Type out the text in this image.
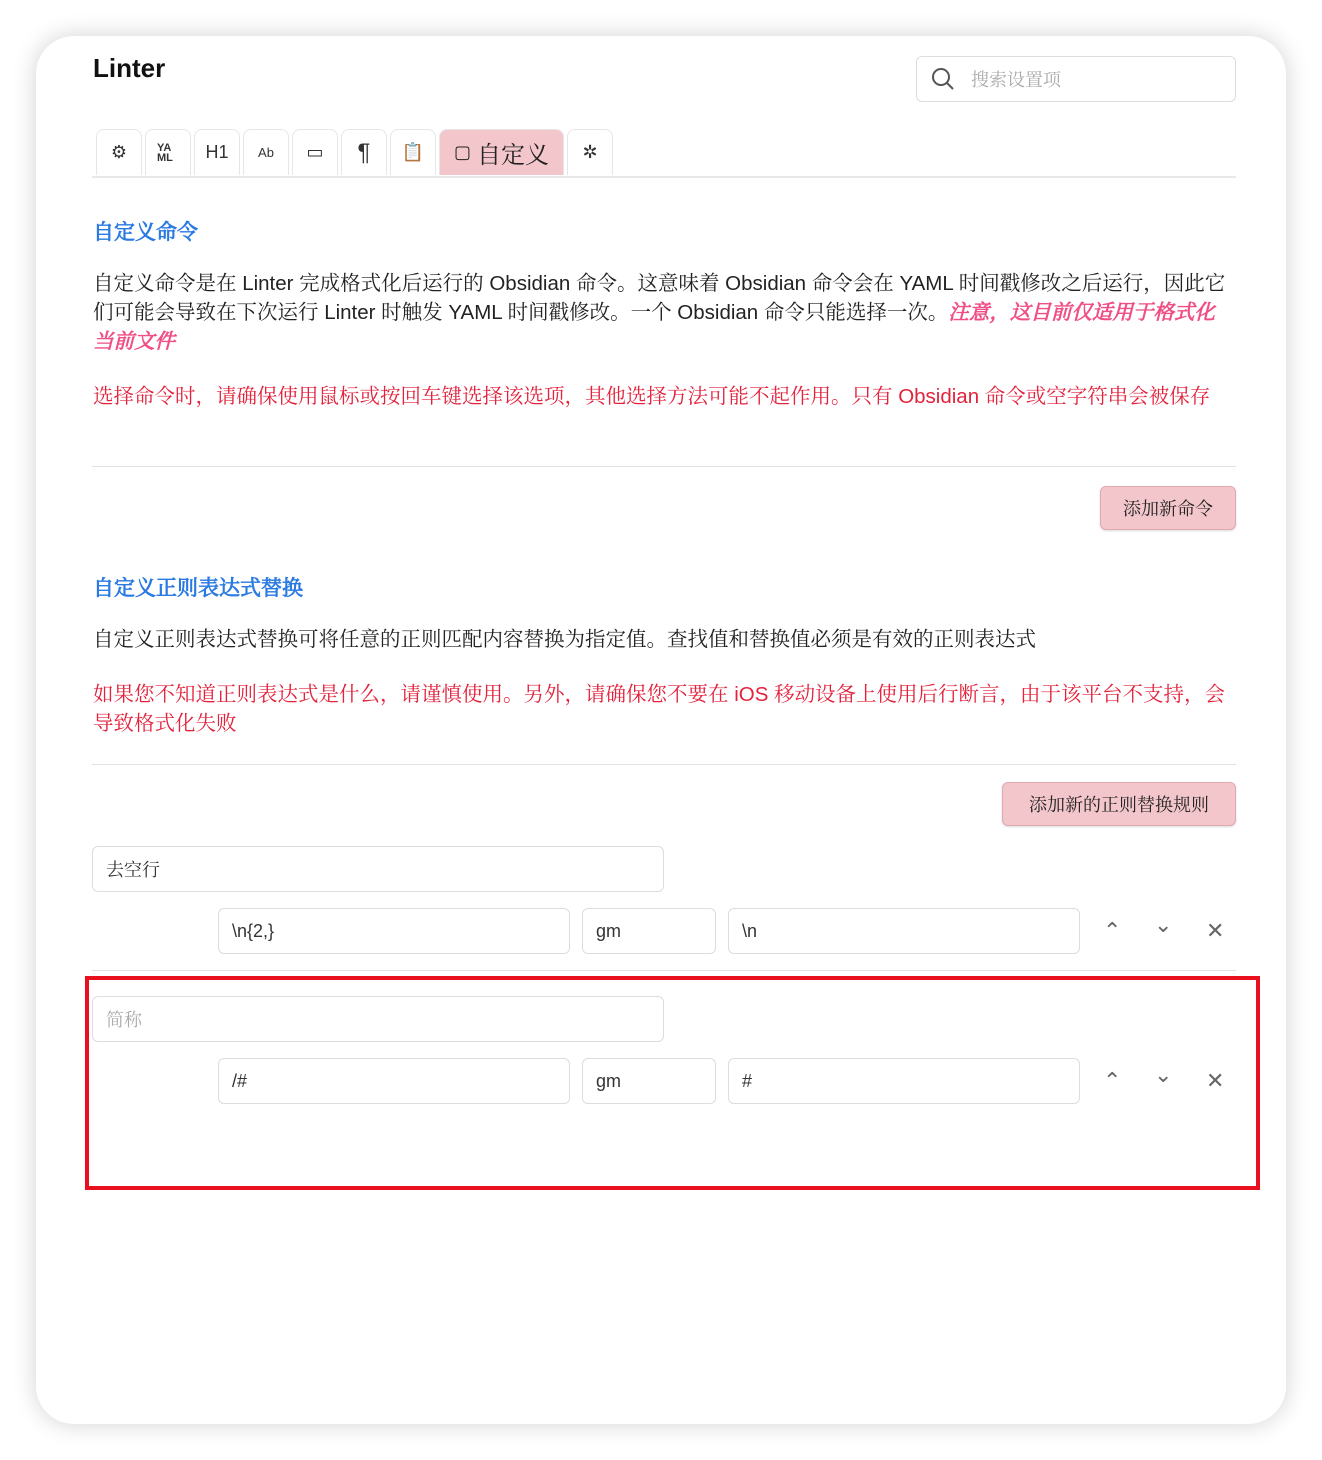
Linter	搜索设置项
⚙	YA
ML	H1	Ab	▭	¶	📋 ▢ 自定义 ✲
自定义命令
自定义命令是在 Linter 完成格式化后运行的 Obsidian 命令。这意味着 Obsidian 命令会在 YAML 时间戳修改之后运行，因此它们可能会导致在下次运行 Linter 时触发 YAML 时间戳修改。一个 Obsidian 命令只能选择一次。注意，这目前仅适用于格式化当前文件
选择命令时，请确保使用鼠标或按回车键选择该选项，其他选择方法可能不起作用。只有 Obsidian 命令或空字符串会被保存
添加新命令
自定义正则表达式替换
自定义正则表达式替换可将任意的正则匹配内容替换为指定值。查找值和替换值必须是有效的正则表达式
如果您不知道正则表达式是什么，请谨慎使用。另外，请确保您不要在 iOS 移动设备上使用后行断言，由于该平台不支持，会导致格式化失败
添加新的正则替换规则
去空行
\n{2,}	gm	\n	⌃ ⌄ ✕
简称
/#	gm	#	⌃ ⌄ ✕
